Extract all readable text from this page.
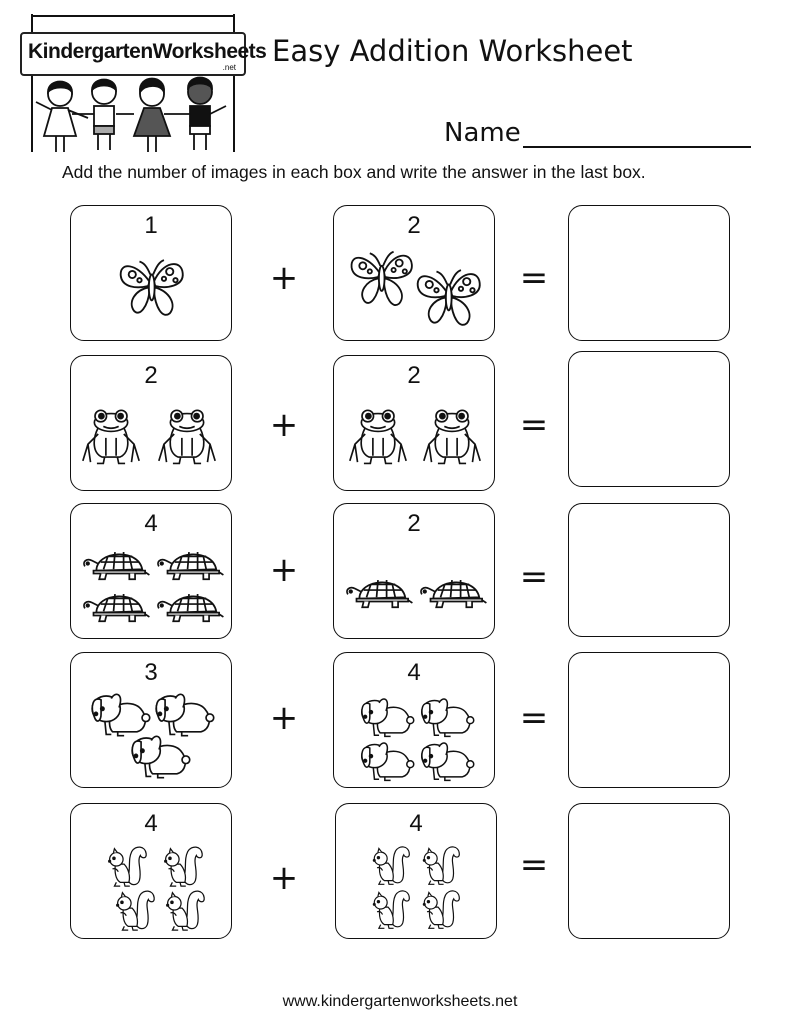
KindergartenWorksheets
.net Easy Addition Worksheet
Name
Add the number of images in each box and write the answer in the last box.
1
+
2
=
2
+
2
=
4
+
2
=
3
+
4
=
4
+
4
=
www.kindergartenworksheets.net
